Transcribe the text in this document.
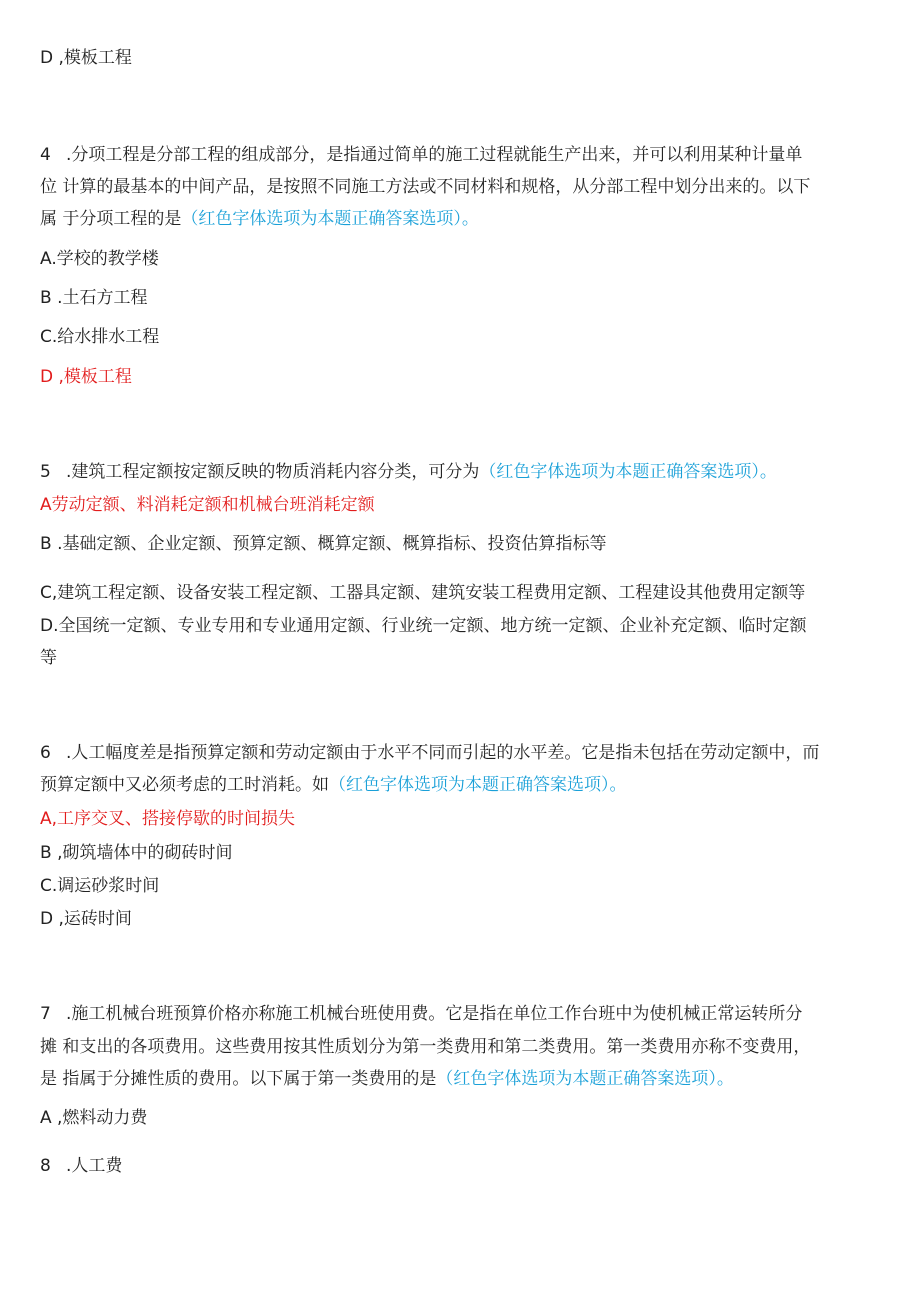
D ,模板工程

4 .分项工程是分部工程的组成部分，是指通过简单的施工过程就能生产出来，并可以利用某种计量单

位 计算的最基本的中间产品，是按照不同施工方法或不同材料和规格，从分部工程中划分出来的。以下

属 于分项工程的是（红色字体选项为本题正确答案选项）。

A.学校的教学楼

B .土石方工程

C.给水排水工程

D ,模板工程

5 .建筑工程定额按定额反映的物质消耗内容分类，可分为（红色字体选项为本题正确答案选项）。

A劳动定额、料消耗定额和机械台班消耗定额

B .基础定额、企业定额、预算定额、概算定额、概算指标、投资估算指标等

C,建筑工程定额、设备安装工程定额、工器具定额、建筑安装工程费用定额、工程建设其他费用定额等

D.全国统一定额、专业专用和专业通用定额、行业统一定额、地方统一定额、企业补充定额、临时定额

等

6 .人工幅度差是指预算定额和劳动定额由于水平不同而引起的水平差。它是指未包括在劳动定额中，而

预算定额中又必须考虑的工时消耗。如（红色字体选项为本题正确答案选项）。

A,工序交叉、搭接停歇的时间损失

B ,砌筑墙体中的砌砖时间

C.调运砂浆时间

D ,运砖时间

7 .施工机械台班预算价格亦称施工机械台班使用费。它是指在单位工作台班中为使机械正常运转所分

摊 和支出的各项费用。这些费用按其性质划分为第一类费用和第二类费用。第一类费用亦称不变费用，

是 指属于分摊性质的费用。以下属于第一类费用的是（红色字体选项为本题正确答案选项）。

A ,燃料动力费

8 .人工费
